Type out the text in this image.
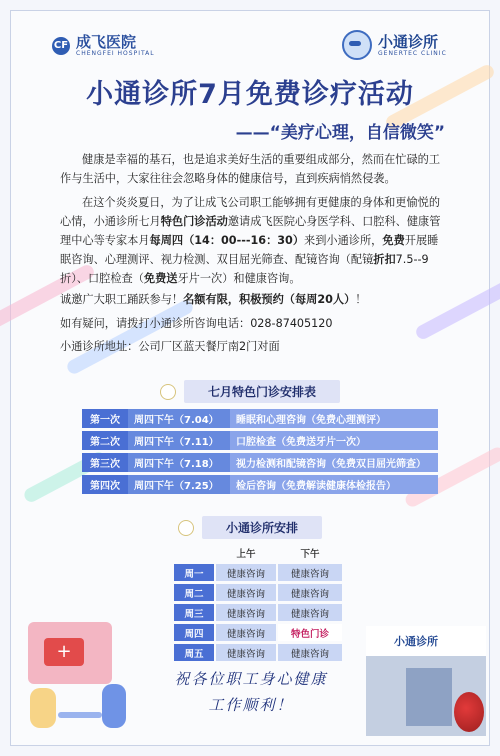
CF 成飞医院
CHENGFEI HOSPITAL
小通诊所
GENERTEC CLINIC
小通诊所7月免费诊疗活动
——“美疗心理，自信微笑”
健康是幸福的基石，也是追求美好生活的重要组成部分，然而在忙碌的工作与生活中，大家往往会忽略身体的健康信号，直到疾病悄然侵袭。
在这个炎炎夏日，为了让成飞公司职工能够拥有更健康的身体和更愉悦的心情，小通诊所七月特色门诊活动邀请成飞医院心身医学科、口腔科、健康管理中心等专家本月每周四（14：00---16：30）来到小通诊所，免费开展睡眠咨询、心理测评、视力检测、双目屈光筛查、配镜咨询（配镜折扣7.5--9折）、口腔检查（免费送牙片一次）和健康咨询。
诚邀广大职工踊跃参与！名额有限，积极预约（每周20人）！
如有疑问，请拨打小通诊所咨询电话：028-87405120
小通诊所地址：公司厂区蓝天餐厅南2门对面
七月特色门诊安排表
第一次	周四下午（7.04）	睡眠和心理咨询（免费心理测评）
第二次	周四下午（7.11）	口腔检查（免费送牙片一次）
第三次	周四下午（7.18）	视力检测和配镜咨询（免费双目屈光筛查）
第四次	周四下午（7.25）	检后咨询（免费解读健康体检报告）
小通诊所安排
	上午	下午
周一	健康咨询	健康咨询
周二	健康咨询	健康咨询
周三	健康咨询	健康咨询
周四	健康咨询	特色门诊
周五	健康咨询	健康咨询
+
祝各位职工身心健康
工作顺利！
小通诊所
